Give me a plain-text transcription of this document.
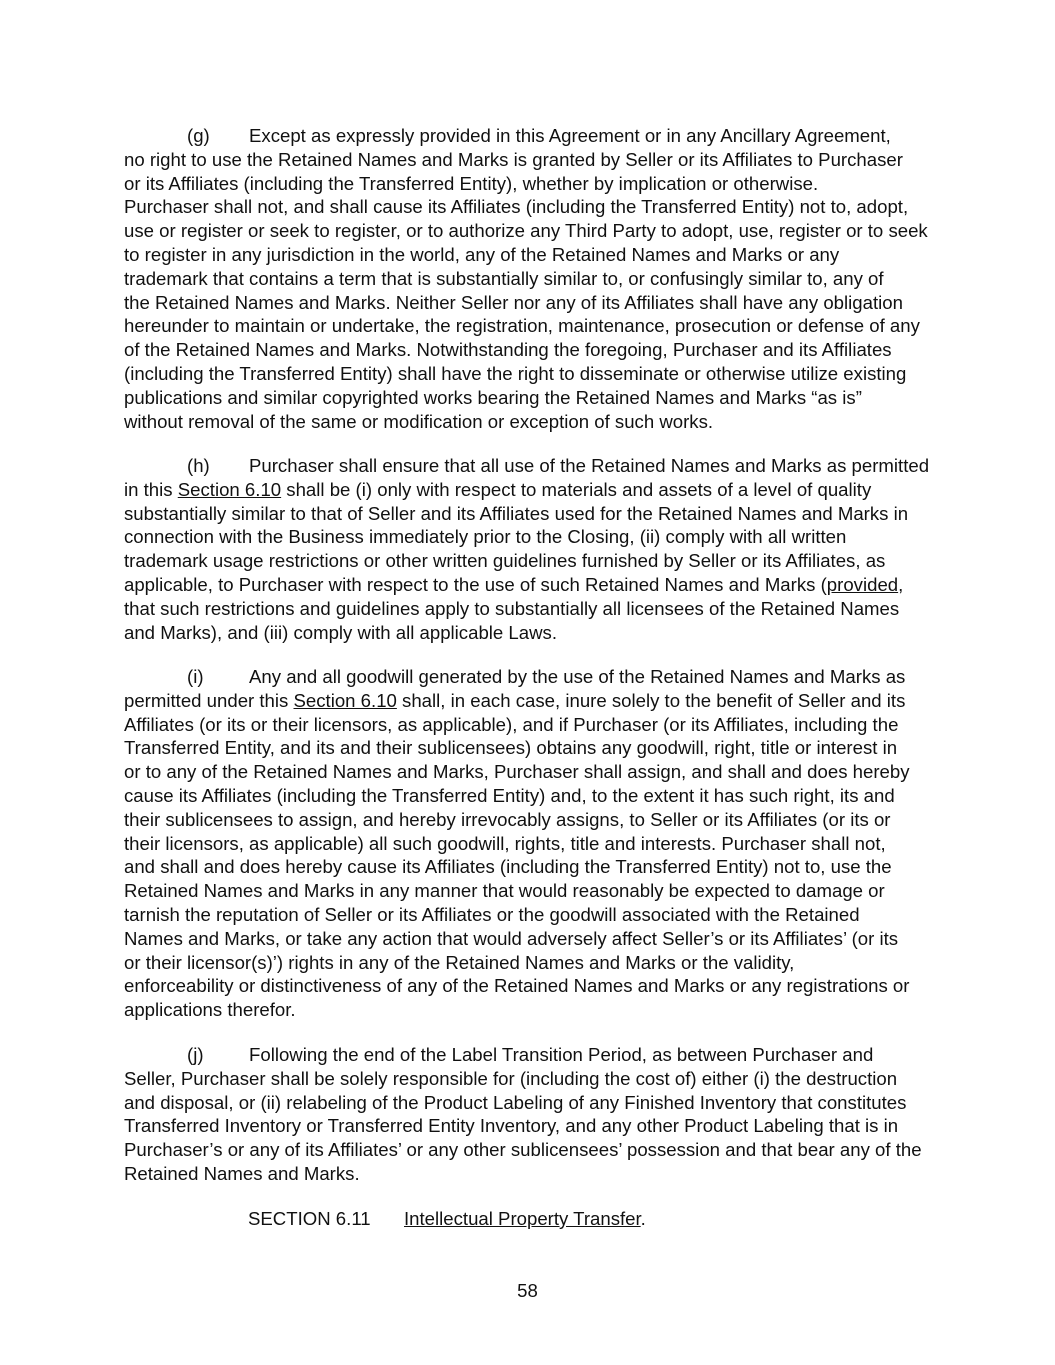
(g) Except as expressly provided in this Agreement or in any Ancillary Agreement,
no right to use the Retained Names and Marks is granted by Seller or its Affiliates to Purchaser
or its Affiliates (including the Transferred Entity), whether by implication or otherwise.
Purchaser shall not, and shall cause its Affiliates (including the Transferred Entity) not to, adopt,
use or register or seek to register, or to authorize any Third Party to adopt, use, register or to seek
to register in any jurisdiction in the world, any of the Retained Names and Marks or any
trademark that contains a term that is substantially similar to, or confusingly similar to, any of
the Retained Names and Marks. Neither Seller nor any of its Affiliates shall have any obligation
hereunder to maintain or undertake, the registration, maintenance, prosecution or defense of any
of the Retained Names and Marks. Notwithstanding the foregoing, Purchaser and its Affiliates
(including the Transferred Entity) shall have the right to disseminate or otherwise utilize existing
publications and similar copyrighted works bearing the Retained Names and Marks “as is”
without removal of the same or modification or exception of such works.
(h) Purchaser shall ensure that all use of the Retained Names and Marks as permitted
in this Section 6.10 shall be (i) only with respect to materials and assets of a level of quality
substantially similar to that of Seller and its Affiliates used for the Retained Names and Marks in
connection with the Business immediately prior to the Closing, (ii) comply with all written
trademark usage restrictions or other written guidelines furnished by Seller or its Affiliates, as
applicable, to Purchaser with respect to the use of such Retained Names and Marks (provided,
that such restrictions and guidelines apply to substantially all licensees of the Retained Names
and Marks), and (iii) comply with all applicable Laws.
(i) Any and all goodwill generated by the use of the Retained Names and Marks as
permitted under this Section 6.10 shall, in each case, inure solely to the benefit of Seller and its
Affiliates (or its or their licensors, as applicable), and if Purchaser (or its Affiliates, including the
Transferred Entity, and its and their sublicensees) obtains any goodwill, right, title or interest in
or to any of the Retained Names and Marks, Purchaser shall assign, and shall and does hereby
cause its Affiliates (including the Transferred Entity) and, to the extent it has such right, its and
their sublicensees to assign, and hereby irrevocably assigns, to Seller or its Affiliates (or its or
their licensors, as applicable) all such goodwill, rights, title and interests. Purchaser shall not,
and shall and does hereby cause its Affiliates (including the Transferred Entity) not to, use the
Retained Names and Marks in any manner that would reasonably be expected to damage or
tarnish the reputation of Seller or its Affiliates or the goodwill associated with the Retained
Names and Marks, or take any action that would adversely affect Seller’s or its Affiliates’ (or its
or their licensor(s)’) rights in any of the Retained Names and Marks or the validity,
enforceability or distinctiveness of any of the Retained Names and Marks or any registrations or
applications therefor.
(j) Following the end of the Label Transition Period, as between Purchaser and
Seller, Purchaser shall be solely responsible for (including the cost of) either (i) the destruction
and disposal, or (ii) relabeling of the Product Labeling of any Finished Inventory that constitutes
Transferred Inventory or Transferred Entity Inventory, and any other Product Labeling that is in
Purchaser’s or any of its Affiliates’ or any other sublicensees’ possession and that bear any of the
Retained Names and Marks.
SECTION 6.11 Intellectual Property Transfer.
58
